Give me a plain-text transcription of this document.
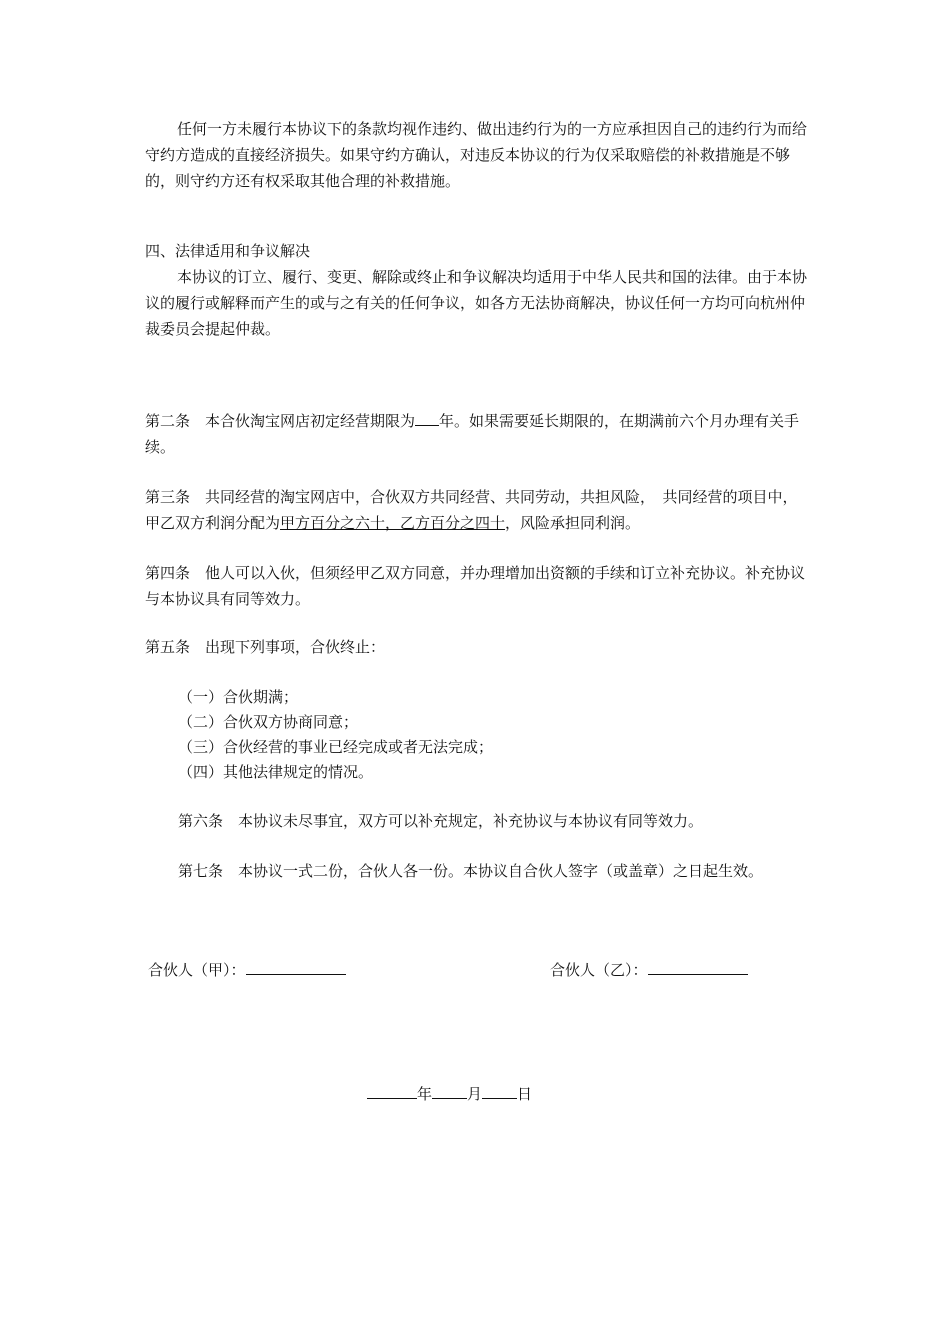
任何一方未履行本协议下的条款均视作违约、做出违约行为的一方应承担因自己的违约行为而给守约方造成的直接经济损失。如果守约方确认，对违反本协议的行为仅采取赔偿的补救措施是不够的，则守约方还有权采取其他合理的补救措施。

四、法律适用和争议解决

本协议的订立、履行、变更、解除或终止和争议解决均适用于中华人民共和国的法律。由于本协议的履行或解释而产生的或与之有关的任何争议，如各方无法协商解决，协议任何一方均可向杭州仲裁委员会提起仲裁。

第二条　 本合伙淘宝网店初定经营期限为 年。如果需要延长期限的，在期满前六个月办理有关手续。

第三条　 共同经营的淘宝网店中，合伙双方共同经营、共同劳动，共担风险，　共同经营的项目中，甲乙双方利润分配为甲方百分之六十，乙方百分之四十，风险承担同利润。

第四条　 他人可以入伙，但须经甲乙双方同意，并办理增加出资额的手续和订立补充协议。补充协议与本协议具有同等效力。

第五条　 出现下列事项，合伙终止：

（一）合伙期满；
（二）合伙双方协商同意；
（三）合伙经营的事业已经完成或者无法完成；
（四）其他法律规定的情况。
第六条　 本协议未尽事宜，双方可以补充规定，补充协议与本协议有同等效力。
第七条　 本协议一式二份，合伙人各一份。本协议自合伙人签字（或盖章）之日起生效。
合伙人（甲）：	合伙人（乙）：
年 月 日
